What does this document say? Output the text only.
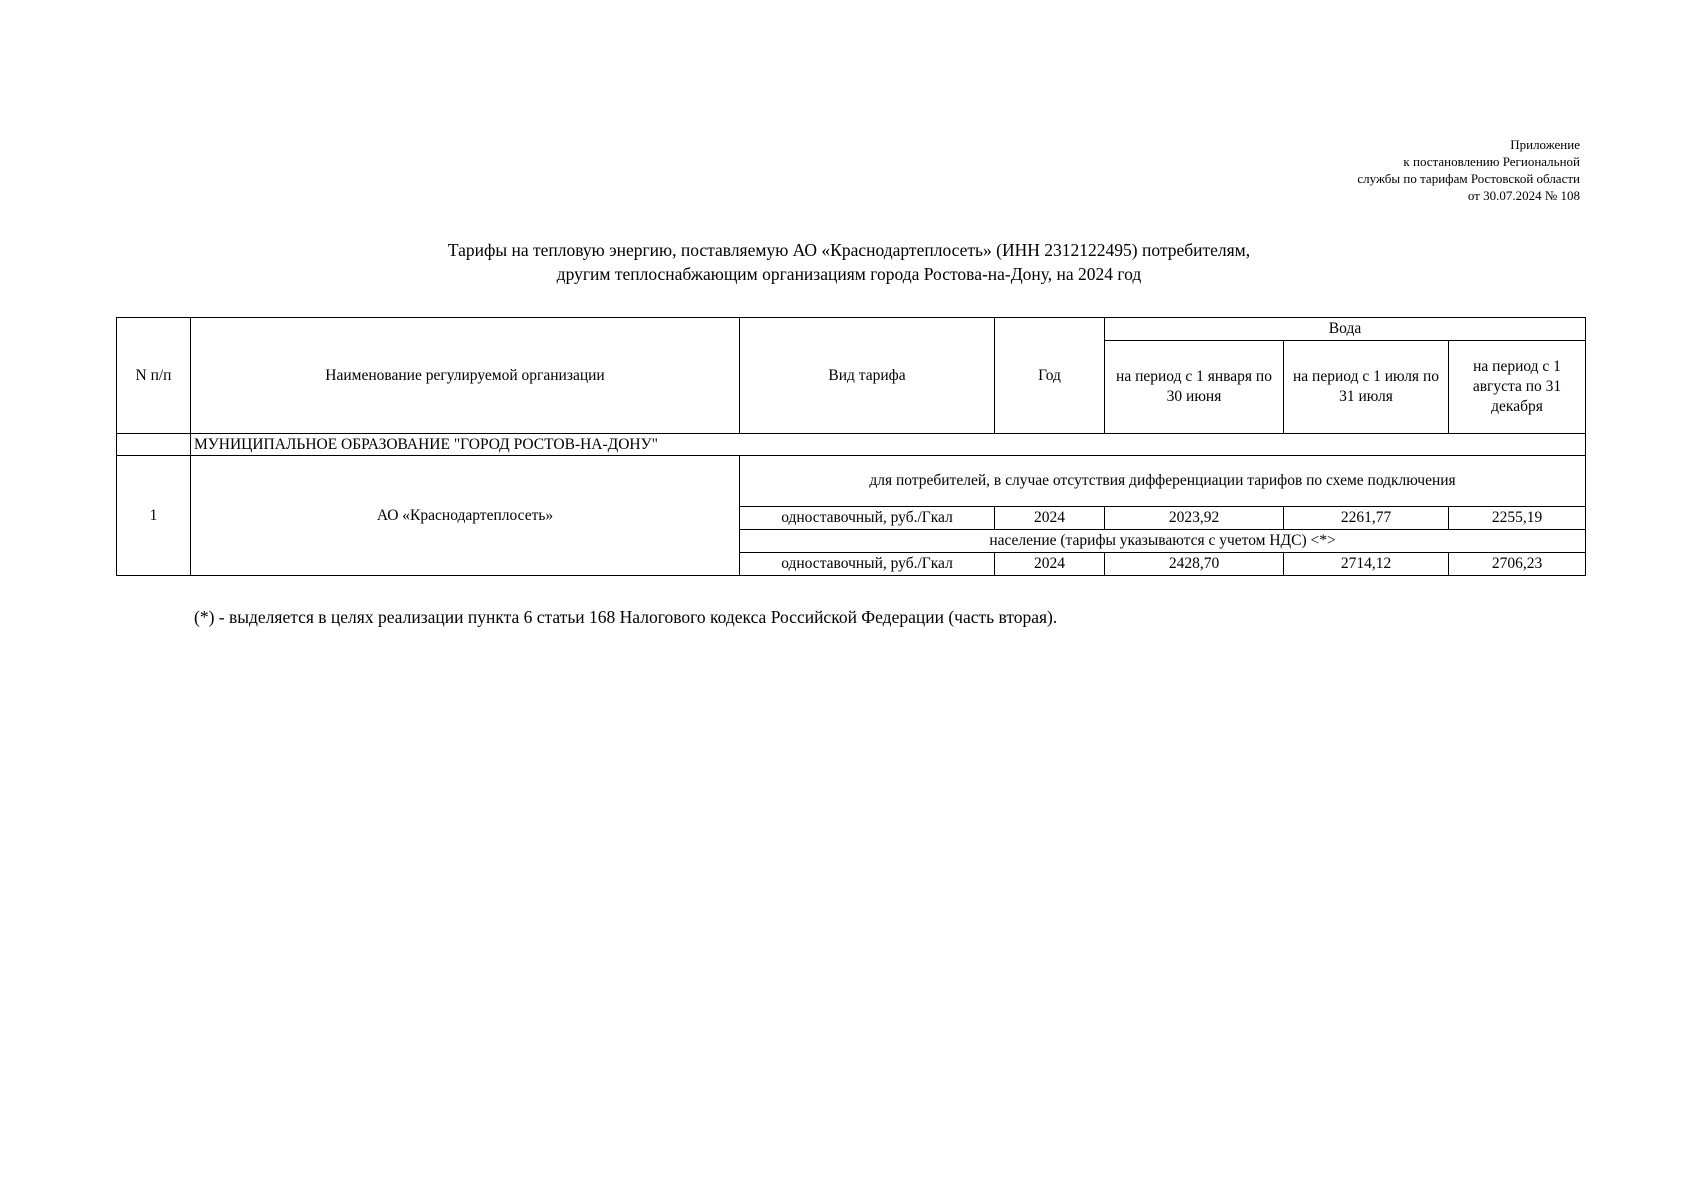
Приложение
к постановлению Региональной
службы по тарифам Ростовской области
от 30.07.2024 № 108
Тарифы на тепловую энергию, поставляемую АО «Краснодартеплосеть» (ИНН 2312122495) потребителям,
другим теплоснабжающим организациям города Ростова-на-Дону, на 2024 год
N п/п	Наименование регулируемой организации	Вид тарифа	Год	Вода		
				на период с 1 января по 30 июня	на период с 1 июля по 31 июля	на период с 1 августа по 31 декабря
	МУНИЦИПАЛЬНОЕ ОБРАЗОВАНИЕ "ГОРОД РОСТОВ-НА-ДОНУ"					
1	АО «Краснодартеплосеть»	для потребителей, в случае отсутствия дифференциации тарифов по схеме подключения				
		одноставочный, руб./Гкал	2024	2023,92	2261,77	2255,19
		население (тарифы указываются с учетом НДС) <*>				
		одноставочный, руб./Гкал	2024	2428,70	2714,12	2706,23
(*) - выделяется в целях реализации пункта 6 статьи 168 Налогового кодекса Российской Федерации (часть вторая).
